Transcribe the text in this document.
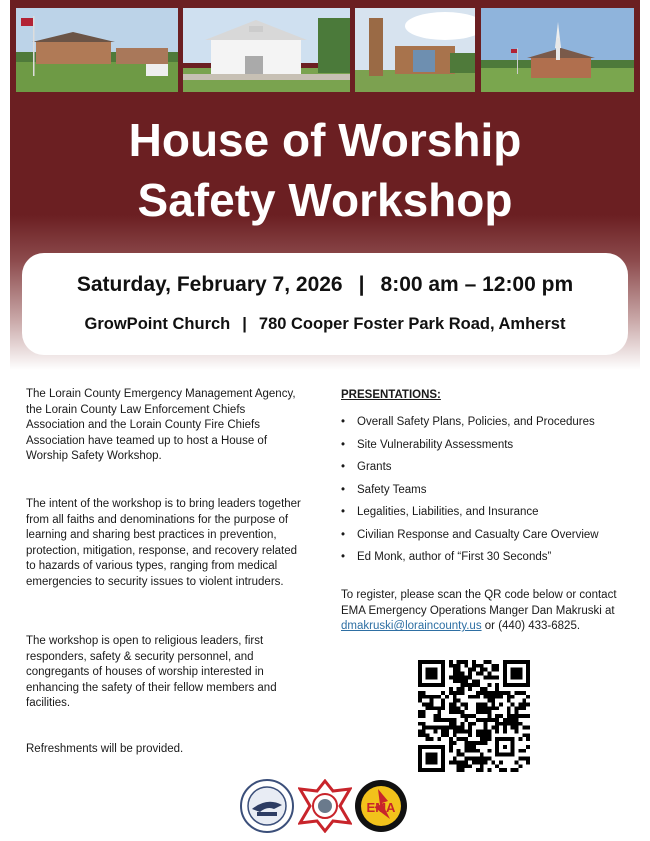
House of Worship
Safety Workshop
Saturday, February 7, 2026 | 8:00 am – 12:00 pm
GrowPoint Church | 780 Cooper Foster Park Road, Amherst

The Lorain County Emergency Management Agency, the Lorain County Law Enforcement Chiefs Association and the Lorain County Fire Chiefs Association have teamed up to host a House of Worship Safety Workshop.

The intent of the workshop is to bring leaders together from all faiths and denominations for the purpose of learning and sharing best practices in prevention, protection, mitigation, response, and recovery related to hazards of various types, ranging from medical emergencies to security issues to violent intruders.

The workshop is open to religious leaders, first responders, safety & security personnel, and congregants of houses of worship interested in enhancing the safety of their fellow members and facilities.

Refreshments will be provided.

PRESENTATIONS:
• Overall Safety Plans, Policies, and Procedures
• Site Vulnerability Assessments
• Grants
• Safety Teams
• Legalities, Liabilities, and Insurance
• Civilian Response and Casualty Care Overview
• Ed Monk, author of “First 30 Seconds”
To register, please scan the QR code below or contact EMA Emergency Operations Manger Dan Makruski at dmakruski@loraincounty.us or (440) 433-6825.
EMA
